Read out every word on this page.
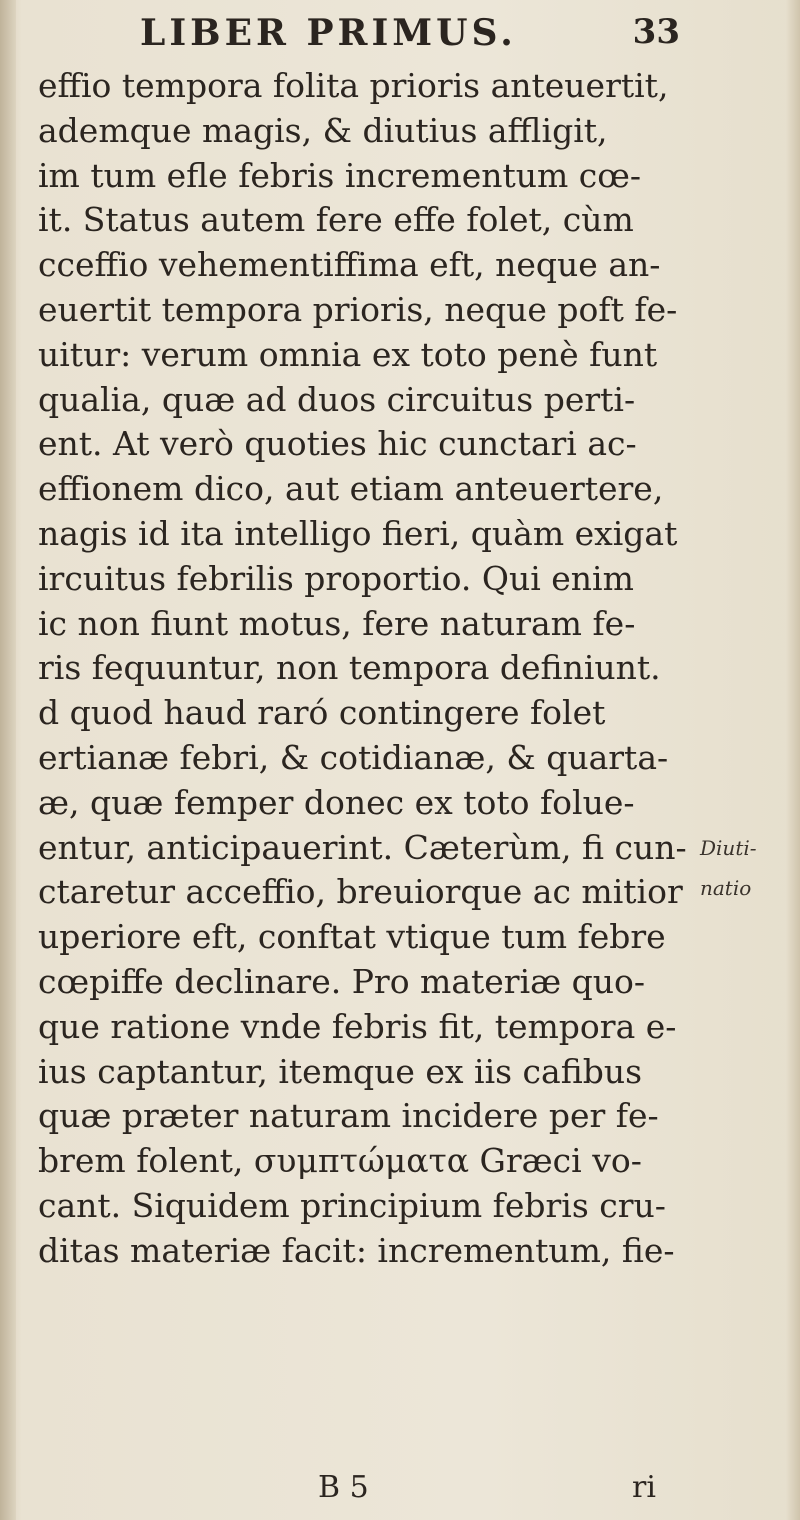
LIBER PRIMUS.	33
effio tempora folita prioris anteuertit,
ademque magis, & diutius affligit,
im tum efle febris incrementum cœ-
it. Status autem fere effe folet, cùm
cceffio vehementiffima eft, neque an-
euertit tempora prioris, neque poft fe-
uitur: verum omnia ex toto penè funt
qualia, quæ ad duos circuitus perti-
ent. At verò quoties hic cunctari ac-
effionem dico, aut etiam anteuertere,
nagis id ita intelligo fieri, quàm exigat
ircuitus febrilis proportio. Qui enim
ic non fiunt motus, fere naturam fe-
ris fequuntur, non tempora definiunt.
d quod haud raró contingere folet
ertianæ febri, & cotidianæ, & quarta-
æ, quæ femper donec ex toto folue-
entur, anticipauerint. Cæterùm, fi cun-
ctaretur acceffio, breuiorque ac mitior
uperiore eft, conftat vtique tum febre
cœpiffe declinare. Pro materiæ quo-
que ratione vnde febris fit, tempora e-
ius captantur, itemque ex iis cafibus
quæ præter naturam incidere per fe-
brem folent, συμπτώματα Græci vo-
cant. Siquidem principium febris cru-
ditas materiæ facit: incrementum, fie-
Diuti-
natio
B 5	ri
